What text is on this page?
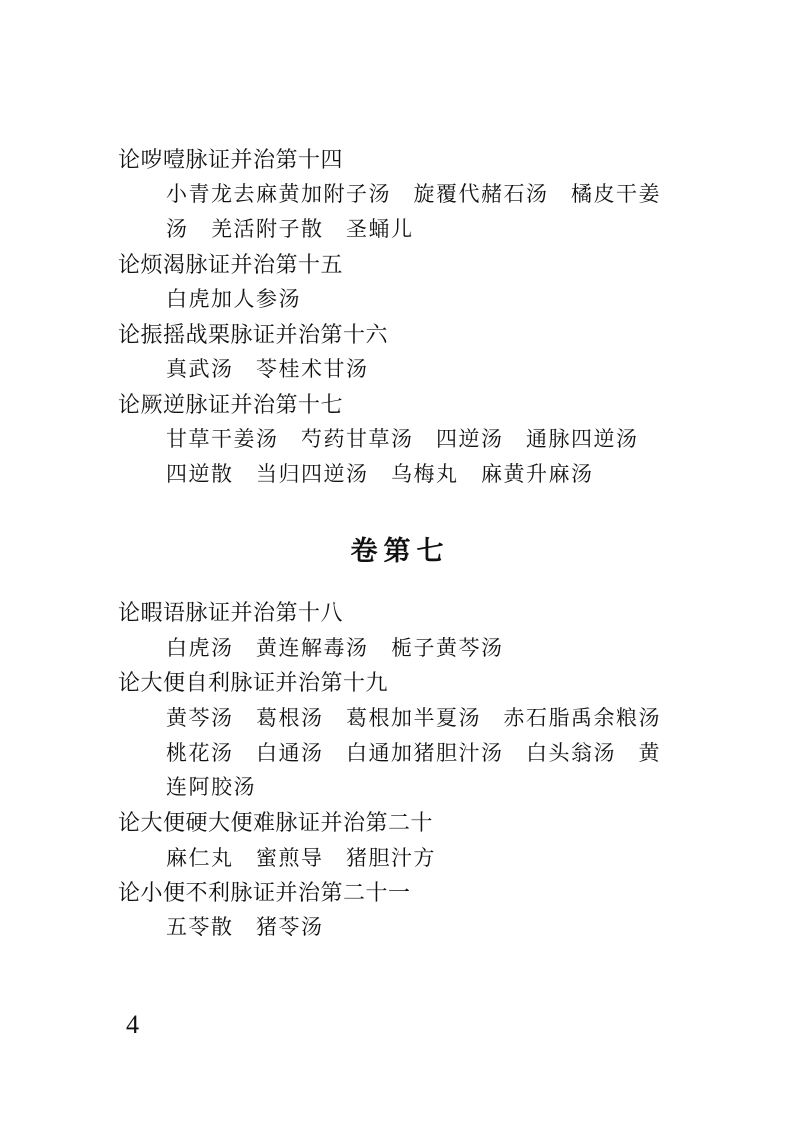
论哕噎脉证并治第十四
小青龙去麻黄加附子汤　旋覆代赭石汤　橘皮干姜
汤　羌活附子散　圣蛹儿
论烦渴脉证并治第十五
白虎加人参汤
论振摇战栗脉证并治第十六
真武汤　苓桂术甘汤
论厥逆脉证并治第十七
甘草干姜汤　芍药甘草汤　四逆汤　通脉四逆汤
四逆散　当归四逆汤　乌梅丸　麻黄升麻汤
卷第七
论暇语脉证并治第十八
白虎汤　黄连解毒汤　栀子黄芩汤
论大便自利脉证并治第十九
黄芩汤　葛根汤　葛根加半夏汤　赤石脂禹余粮汤
桃花汤　白通汤　白通加猪胆汁汤　白头翁汤　黄
连阿胶汤
论大便硬大便难脉证并治第二十
麻仁丸　蜜煎导　猪胆汁方
论小便不利脉证并治第二十一
五苓散　猪苓汤
4
